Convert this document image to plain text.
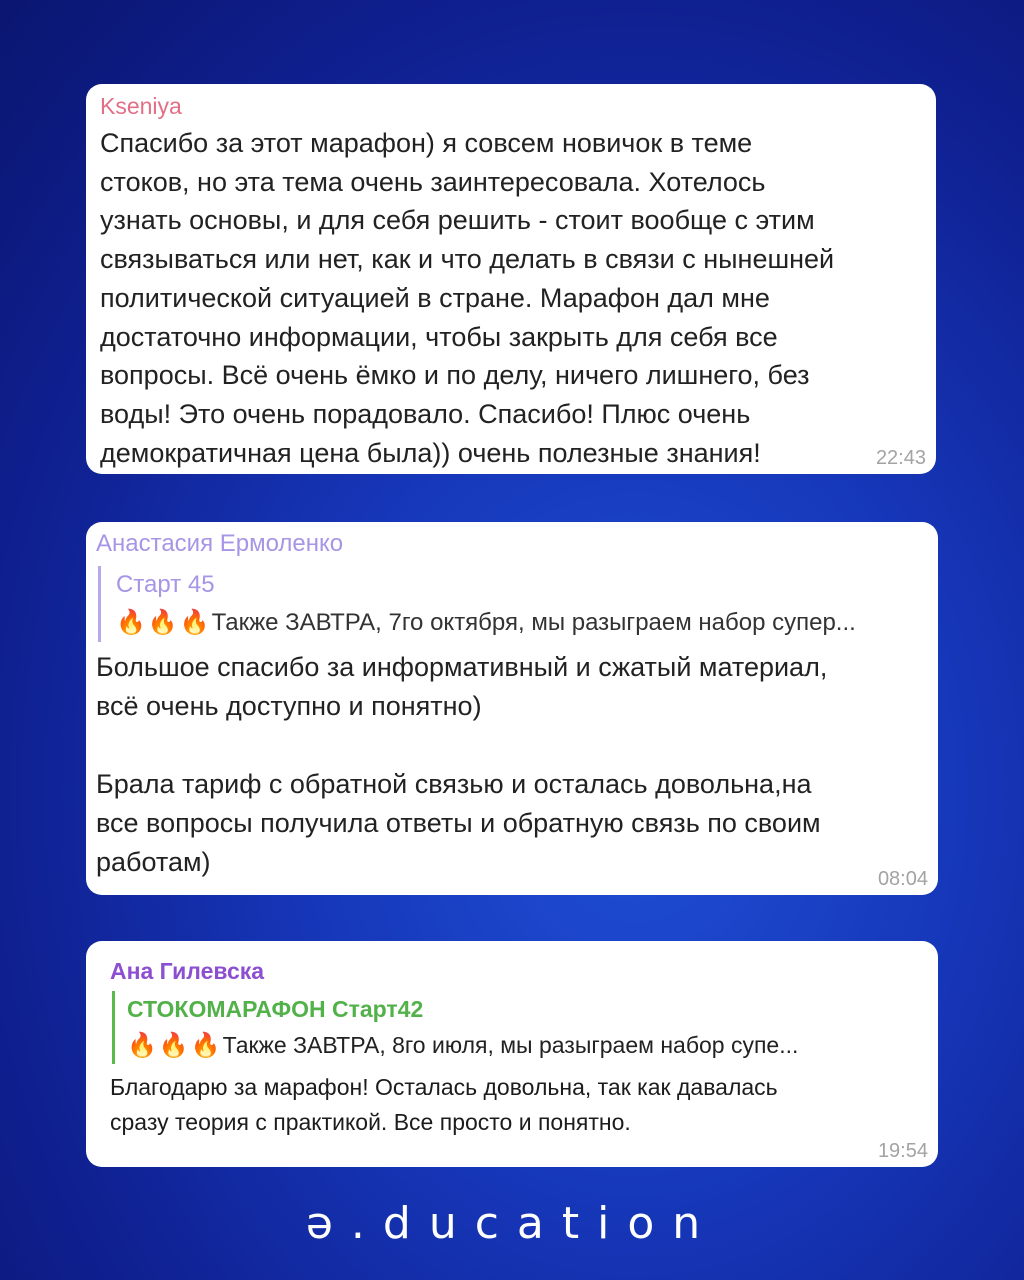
Kseniya
Спасибо за этот марафон) я совсем новичок в теме
стоков, но эта тема очень заинтересовала. Хотелось
узнать основы, и для себя решить - стоит вообще с этим
связываться или нет, как и что делать в связи с нынешней
политической ситуацией в стране. Марафон дал мне
достаточно информации, чтобы закрыть для себя все
вопросы. Всё очень ёмко и по делу, ничего лишнего, без
воды! Это очень порадовало. Спасибо! Плюс очень
демократичная цена была)) очень полезные знания!	22:43
Анастасия Ермоленко
Старт 45
🔥🔥🔥Также ЗАВТРА, 7го октября, мы разыграем набор супер...
Большое спасибо за информативный и сжатый материал,
всё очень доступно и понятно)

Брала тариф с обратной связью и осталась довольна,на
все вопросы получила ответы и обратную связь по своим
работам)
08:04
Ана Гилевска
СТОКОМАРАФОН Старт42
🔥🔥🔥Также ЗАВТРА, 8го июля, мы разыграем набор супе...
Благодарю за марафон! Осталась довольна, так как давалась
сразу теория с практикой. Все просто и понятно.
19:54
ә.ducation
